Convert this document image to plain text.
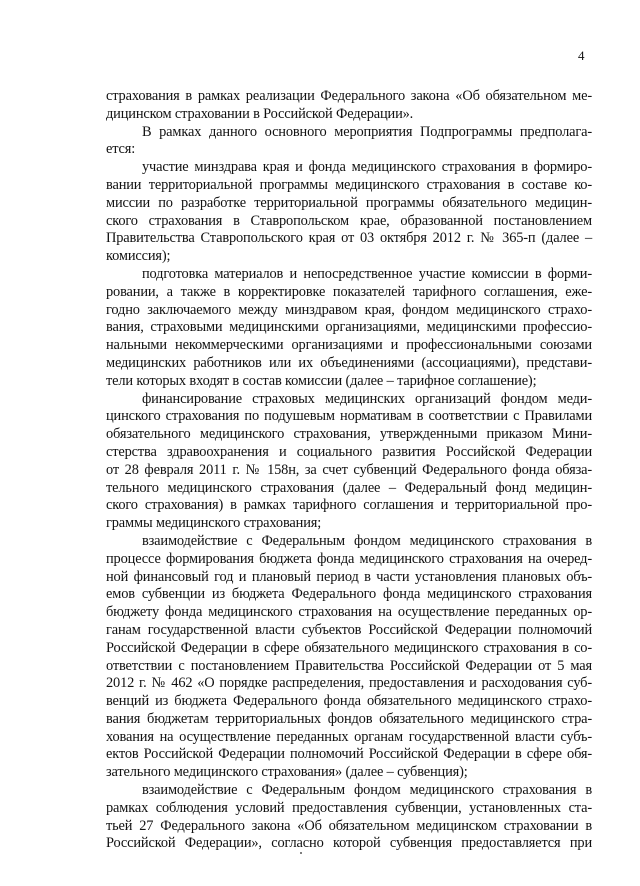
4
страхования в рамках реализации Федерального закона «Об обязательном ме-
дицинском страховании в Российской Федерации».
В рамках данного основного мероприятия Подпрограммы предполага-
ется:
участие минздрава края и фонда медицинского страхования в формиро-
вании территориальной программы медицинского страхования в составе ко-
миссии по разработке территориальной программы обязательного медицин-
ского страхования в Ставропольском крае, образованной постановлением
Правительства Ставропольского края от 03 октября 2012 г. № 365-п (далее –
комиссия);
подготовка материалов и непосредственное участие комиссии в форми-
ровании, а также в корректировке показателей тарифного соглашения, еже-
годно заключаемого между минздравом края, фондом медицинского страхо-
вания, страховыми медицинскими организациями, медицинскими профессио-
нальными некоммерческими организациями и профессиональными союзами
медицинских работников или их объединениями (ассоциациями), представи-
тели которых входят в состав комиссии (далее – тарифное соглашение);
финансирование страховых медицинских организаций фондом меди-
цинского страхования по подушевым нормативам в соответствии с Правилами
обязательного медицинского страхования, утвержденными приказом Мини-
стерства здравоохранения и социального развития Российской Федерации
от 28 февраля 2011 г. № 158н, за счет субвенций Федерального фонда обяза-
тельного медицинского страхования (далее – Федеральный фонд медицин-
ского страхования) в рамках тарифного соглашения и территориальной про-
граммы медицинского страхования;
взаимодействие с Федеральным фондом медицинского страхования в
процессе формирования бюджета фонда медицинского страхования на очеред-
ной финансовый год и плановый период в части установления плановых объ-
емов субвенции из бюджета Федерального фонда медицинского страхования
бюджету фонда медицинского страхования на осуществление переданных ор-
ганам государственной власти субъектов Российской Федерации полномочий
Российской Федерации в сфере обязательного медицинского страхования в со-
ответствии с постановлением Правительства Российской Федерации от 5 мая
2012 г. № 462 «О порядке распределения, предоставления и расходования суб-
венций из бюджета Федерального фонда обязательного медицинского страхо-
вания бюджетам территориальных фондов обязательного медицинского стра-
хования на осуществление переданных органам государственной власти субъ-
ектов Российской Федерации полномочий Российской Федерации в сфере обя-
зательного медицинского страхования» (далее – субвенция);
взаимодействие с Федеральным фондом медицинского страхования в
рамках соблюдения условий предоставления субвенции, установленных ста-
тьей 27 Федерального закона «Об обязательном медицинском страховании в
Российской Федерации», согласно которой субвенция предоставляется при
